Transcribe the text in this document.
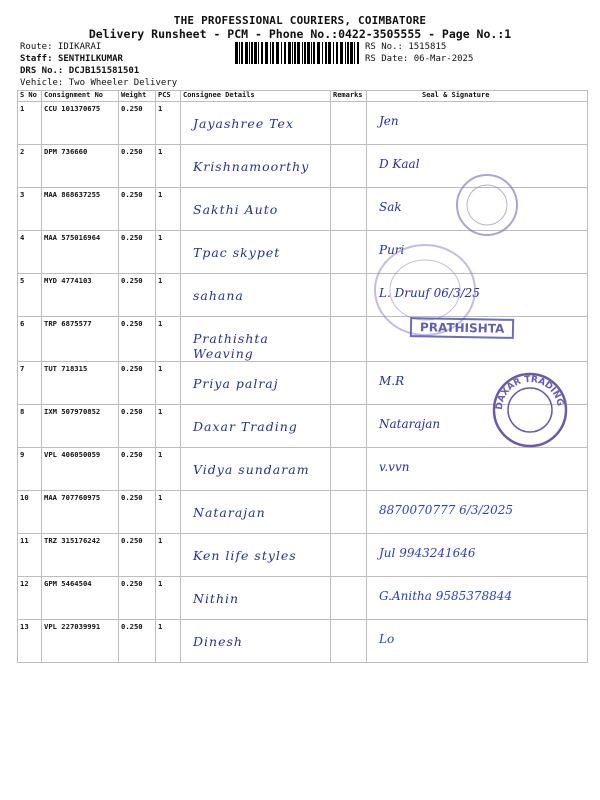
THE PROFESSIONAL COURIERS, COIMBATORE
Delivery Runsheet - PCM - Phone No.:0422-3505555 - Page No.:1
Route: IDIKARAI
Staff: SENTHILKUMAR
DRS No.: DCJB151581501
Vehicle: Two Wheeler Delivery
RS No.: 1515815
RS Date: 06-Mar-2025
S No	Consignment No	Weight	PCS	Consignee Details	Remarks	Seal & Signature
1	CCU 101370675	0.250	1	Jayashree Tex		Jen
2	DPM 736660	0.250	1	Krishnamoorthy		D Kaal
3	MAA 868637255	0.250	1	Sakthi Auto		Sak
4	MAA 575016964	0.250	1	Tpac skypet		Puri
5	MYD 4774103	0.250	1	sahana		L. Druuf 06/3/25
6	TRP 6875577	0.250	1	Prathishta Weaving		
7	TUT 718315	0.250	1	Priya palraj		M.R
8	IXM 507970852	0.250	1	Daxar Trading		Natarajan
9	VPL 406050059	0.250	1	Vidya sundaram		v.vvn
10	MAA 707760975	0.250	1	Natarajan		8870070777 6/3/2025
11	TRZ 315176242	0.250	1	Ken life styles		Jul 9943241646
12	GPM 5464504	0.250	1	Nithin		G.Anitha 9585378844
13	VPL 227039991	0.250	1	Dinesh		Lo
PRATHISHTA
DAXAR TRADING
